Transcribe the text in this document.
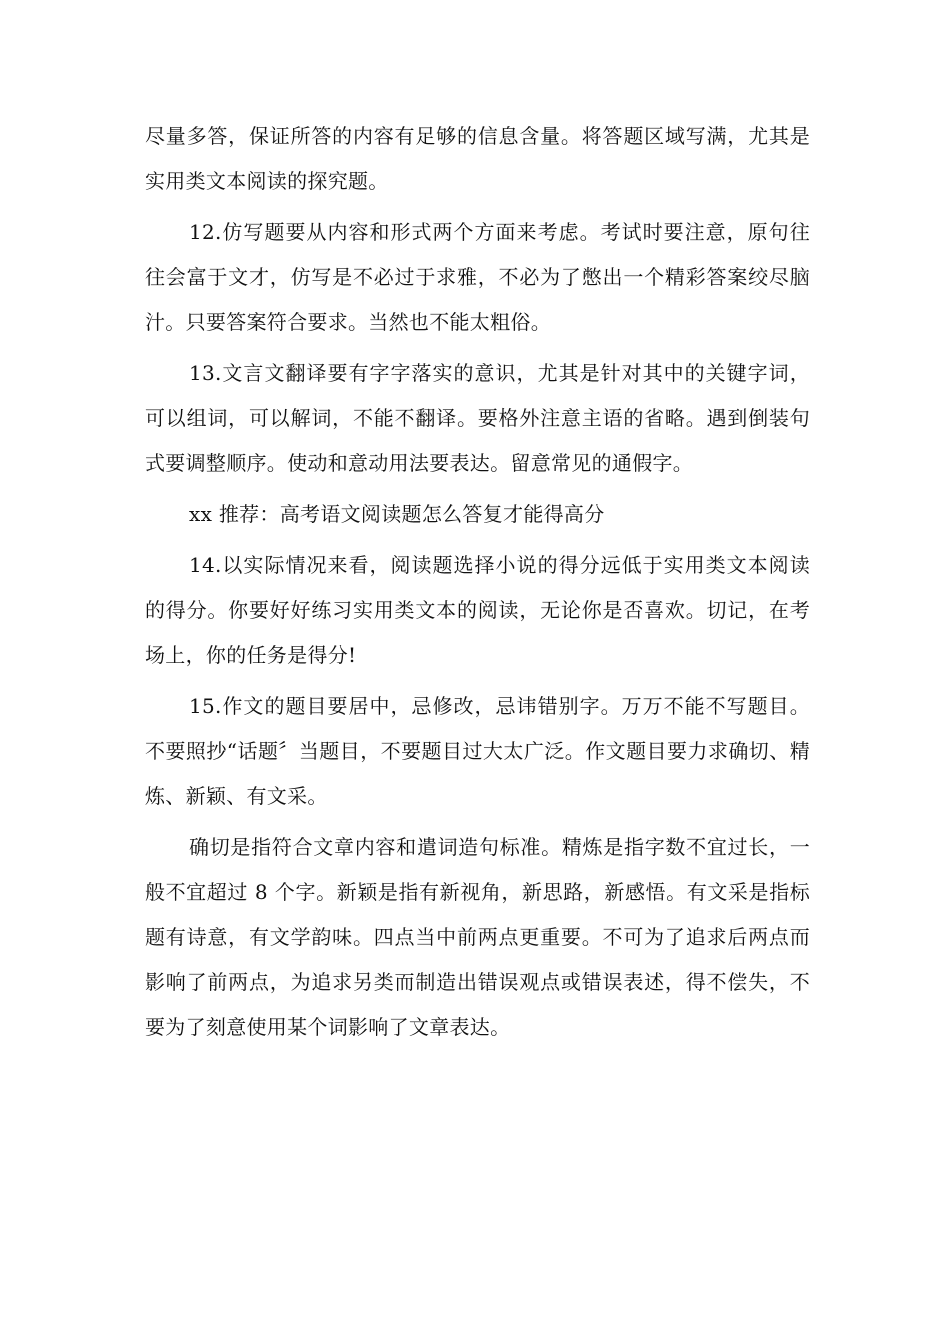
尽量多答，保证所答的内容有足够的信息含量。将答题区域写满，尤其是实用类文本阅读的探究题。

12.仿写题要从内容和形式两个方面来考虑。考试时要注意，原句往往会富于文才，仿写是不必过于求雅，不必为了憋出一个精彩答案绞尽脑汁。只要答案符合要求。当然也不能太粗俗。

13.文言文翻译要有字字落实的意识，尤其是针对其中的关键字词，可以组词，可以解词，不能不翻译。要格外注意主语的省略。遇到倒装句式要调整顺序。使动和意动用法要表达。留意常见的通假字。

xx 推荐：高考语文阅读题怎么答复才能得高分

14.以实际情况来看，阅读题选择小说的得分远低于实用类文本阅读的得分。你要好好练习实用类文本的阅读，无论你是否喜欢。切记，在考场上，你的任务是得分!

15.作文的题目要居中，忌修改，忌讳错别字。万万不能不写题目。不要照抄“话题〞当题目，不要题目过大太广泛。作文题目要力求确切、精炼、新颖、有文采。

确切是指符合文章内容和遣词造句标准。精炼是指字数不宜过长，一般不宜超过 8 个字。新颖是指有新视角，新思路，新感悟。有文采是指标题有诗意，有文学韵味。四点当中前两点更重要。不可为了追求后两点而影响了前两点，为追求另类而制造出错误观点或错误表述，得不偿失，不要为了刻意使用某个词影响了文章表达。
